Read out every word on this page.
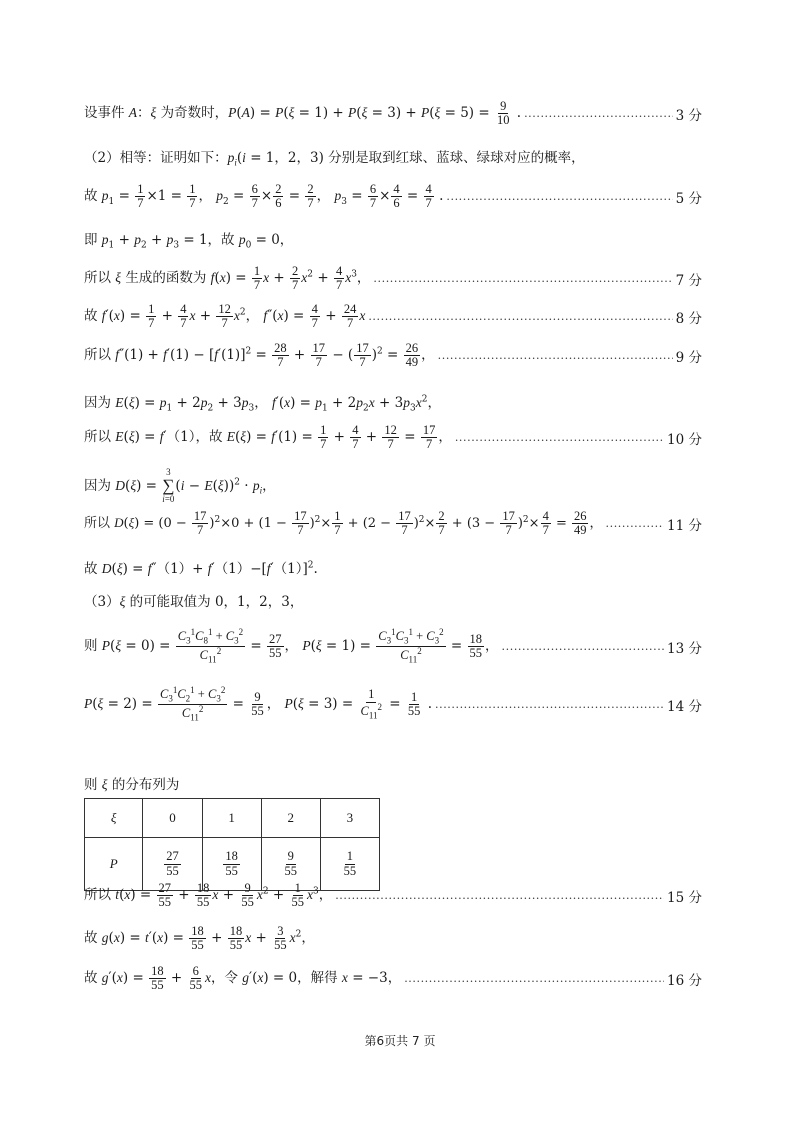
设事件 A：ξ 为奇数时，$P(A) = P(\xi = 1) + P(\xi = 3) + P(\xi = 5) = \frac{9}{10}$ . .....	3 分
（2）相等：证明如下：$p_i(i = 1$，2，3) 分别是取到红球、蓝球、绿球对应的概率，
故 $p_1 = \frac{1}{7} \times 1 = \frac{1}{7}$ ， $p_2 = \frac{6}{7} \times \frac{2}{6} = \frac{2}{7}$ ， $p_3 = \frac{6}{7} \times \frac{4}{6} = \frac{4}{7}$ . .....	5 分
即 $p_1 + p_2 + p_3 = 1$，故 $p_0 = 0$，
所以 ξ 生成的函数为 $f(x) = \frac{1}{7}$ $x + \frac{2}{7} x^2 + \frac{4}{7} x^3$， .....	7 分
故 $f'(x) = \frac{1}{7} + \frac{4}{7}$ $x + \frac{12}{7} x^2$， $f''(x) = \frac{4}{7} + \frac{24}{7}$ x .....	8 分
所以 $f''(1) + f'(1) - [f'(1)]^2 = \frac{28}{7} + \frac{17}{7}$ − ( $\frac{17}{7} )^2 = \frac{26}{49}$ ， .....	9 分
因为 $E(\xi) = p_1 + 2p_2 + 3p_3$， $f'(x) = p_1 + 2p_2x + 3p_3x^2$，
所以 E(ξ) = f′（1），故 $E(\xi) = f'(1) = \frac{1}{7} + \frac{4}{7} + \frac{12}{7} = \frac{17}{7}$ ， .....	10 分
因为 D(ξ) =
3
∑
i=0
$(i - E(\xi))^2 \cdot p_i$，
所以 $D(\xi) = (0 - \frac{17}{7} )^2\times 0 + (1 - \frac{17}{7} )^2\times \frac{1}{7} + (2 - \frac{17}{7} )^2\times \frac{2}{7} + (3 - \frac{17}{7} )^2\times \frac{4}{7} = \frac{26}{49}$ ， .....	11 分
故 $D(\xi) = f''(1)+ f'(1)-[f'(1)]^2$.
（3）ξ 的可能取值为 0，1，2，3，
则 $P(\xi = 0) = \frac{C_3^1C_8^1 + C_3^2}{C_{11}^2} = \frac{27}{55}$ ， $P(\xi = 1) = \frac{C_3^1C_3^1 + C_3^2}{C_{11}^2} = \frac{18}{55}$ ， .....	13 分
$P(\xi = 2) = \frac{C_3^1C_2^1 + C_3^2}{C_{11}^2} = \frac{9}{55}$ ， $P(\xi = 3) = \frac{1}{C_{11}^2} = \frac{1}{55}$ . .....	14 分
则 ξ 的分布列为
ξ	0	1	2	3
P	$\frac{27}{55}$	$\frac{18}{55}$	$\frac{9}{55}$	$\frac{1}{55}$
所以 $t(x) = \frac{27}{55} + \frac{18}{55}$ $x + \frac{9}{55} x^2 + \frac{1}{55} x^3$， .....	15 分
故 $g(x) = t'(x) = \frac{18}{55} + \frac{18}{55}$ $x + \frac{3}{55} x^2$，
故 $g'(x) = \frac{18}{55} + \frac{6}{55}$ x，令 g′(x) = 0，解得 x = −3， .....	16 分
第6页共 7 页
